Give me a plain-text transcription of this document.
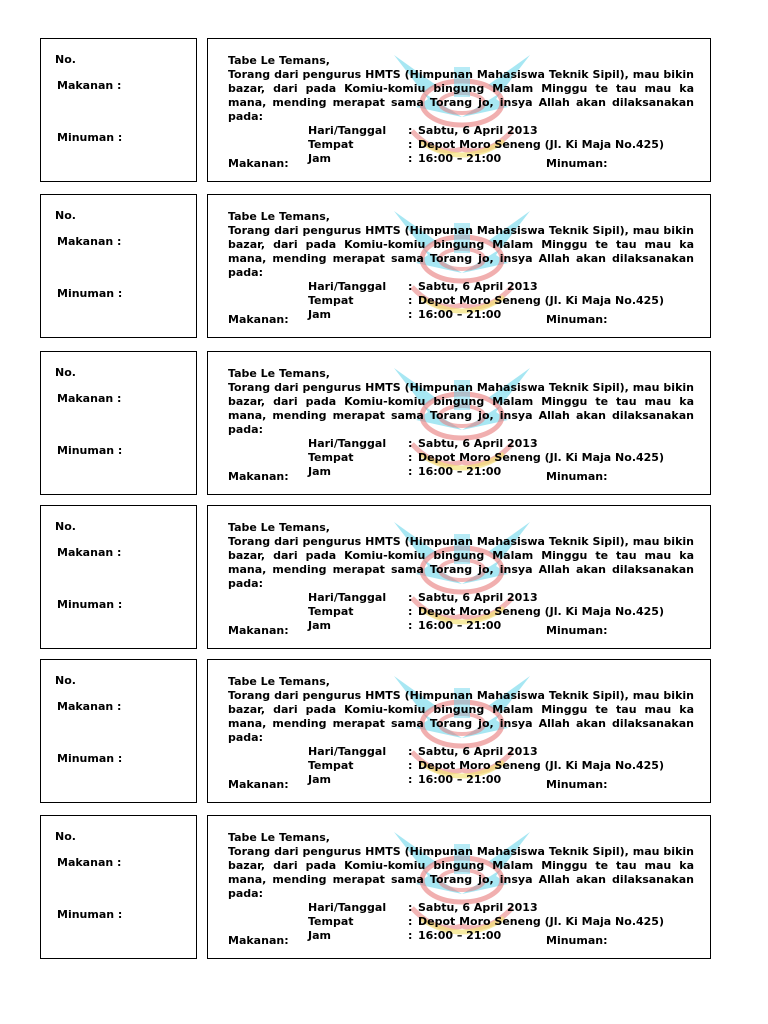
No.
Makanan :
Minuman :
Tabe Le Temans,
Torang dari pengurus HMTS (Himpunan Mahasiswa Teknik Sipil), mau bikin bazar, dari pada Komiu-komiu bingung Malam Minggu te tau mau ka mana, mending merapat sama Torang jo, insya Allah akan dilaksanakan pada:
Hari/Tanggal	: Sabtu, 6 April 2013
Tempat	: Depot Moro Seneng (Jl. Ki Maja No.425)
Jam	: 16:00 – 21:00
Makanan:	Minuman:
No.
Makanan :
Minuman :
Tabe Le Temans,
Torang dari pengurus HMTS (Himpunan Mahasiswa Teknik Sipil), mau bikin bazar, dari pada Komiu-komiu bingung Malam Minggu te tau mau ka mana, mending merapat sama Torang jo, insya Allah akan dilaksanakan pada:
Hari/Tanggal	: Sabtu, 6 April 2013
Tempat	: Depot Moro Seneng (Jl. Ki Maja No.425)
Jam	: 16:00 – 21:00
Makanan:	Minuman:
No.
Makanan :
Minuman :
Tabe Le Temans,
Torang dari pengurus HMTS (Himpunan Mahasiswa Teknik Sipil), mau bikin bazar, dari pada Komiu-komiu bingung Malam Minggu te tau mau ka mana, mending merapat sama Torang jo, insya Allah akan dilaksanakan pada:
Hari/Tanggal	: Sabtu, 6 April 2013
Tempat	: Depot Moro Seneng (Jl. Ki Maja No.425)
Jam	: 16:00 – 21:00
Makanan:	Minuman:
No.
Makanan :
Minuman :
Tabe Le Temans,
Torang dari pengurus HMTS (Himpunan Mahasiswa Teknik Sipil), mau bikin bazar, dari pada Komiu-komiu bingung Malam Minggu te tau mau ka mana, mending merapat sama Torang jo, insya Allah akan dilaksanakan pada:
Hari/Tanggal	: Sabtu, 6 April 2013
Tempat	: Depot Moro Seneng (Jl. Ki Maja No.425)
Jam	: 16:00 – 21:00
Makanan:	Minuman:
No.
Makanan :
Minuman :
Tabe Le Temans,
Torang dari pengurus HMTS (Himpunan Mahasiswa Teknik Sipil), mau bikin bazar, dari pada Komiu-komiu bingung Malam Minggu te tau mau ka mana, mending merapat sama Torang jo, insya Allah akan dilaksanakan pada:
Hari/Tanggal	: Sabtu, 6 April 2013
Tempat	: Depot Moro Seneng (Jl. Ki Maja No.425)
Jam	: 16:00 – 21:00
Makanan:	Minuman:
No.
Makanan :
Minuman :
Tabe Le Temans,
Torang dari pengurus HMTS (Himpunan Mahasiswa Teknik Sipil), mau bikin bazar, dari pada Komiu-komiu bingung Malam Minggu te tau mau ka mana, mending merapat sama Torang jo, insya Allah akan dilaksanakan pada:
Hari/Tanggal	: Sabtu, 6 April 2013
Tempat	: Depot Moro Seneng (Jl. Ki Maja No.425)
Jam	: 16:00 – 21:00
Makanan:	Minuman:
